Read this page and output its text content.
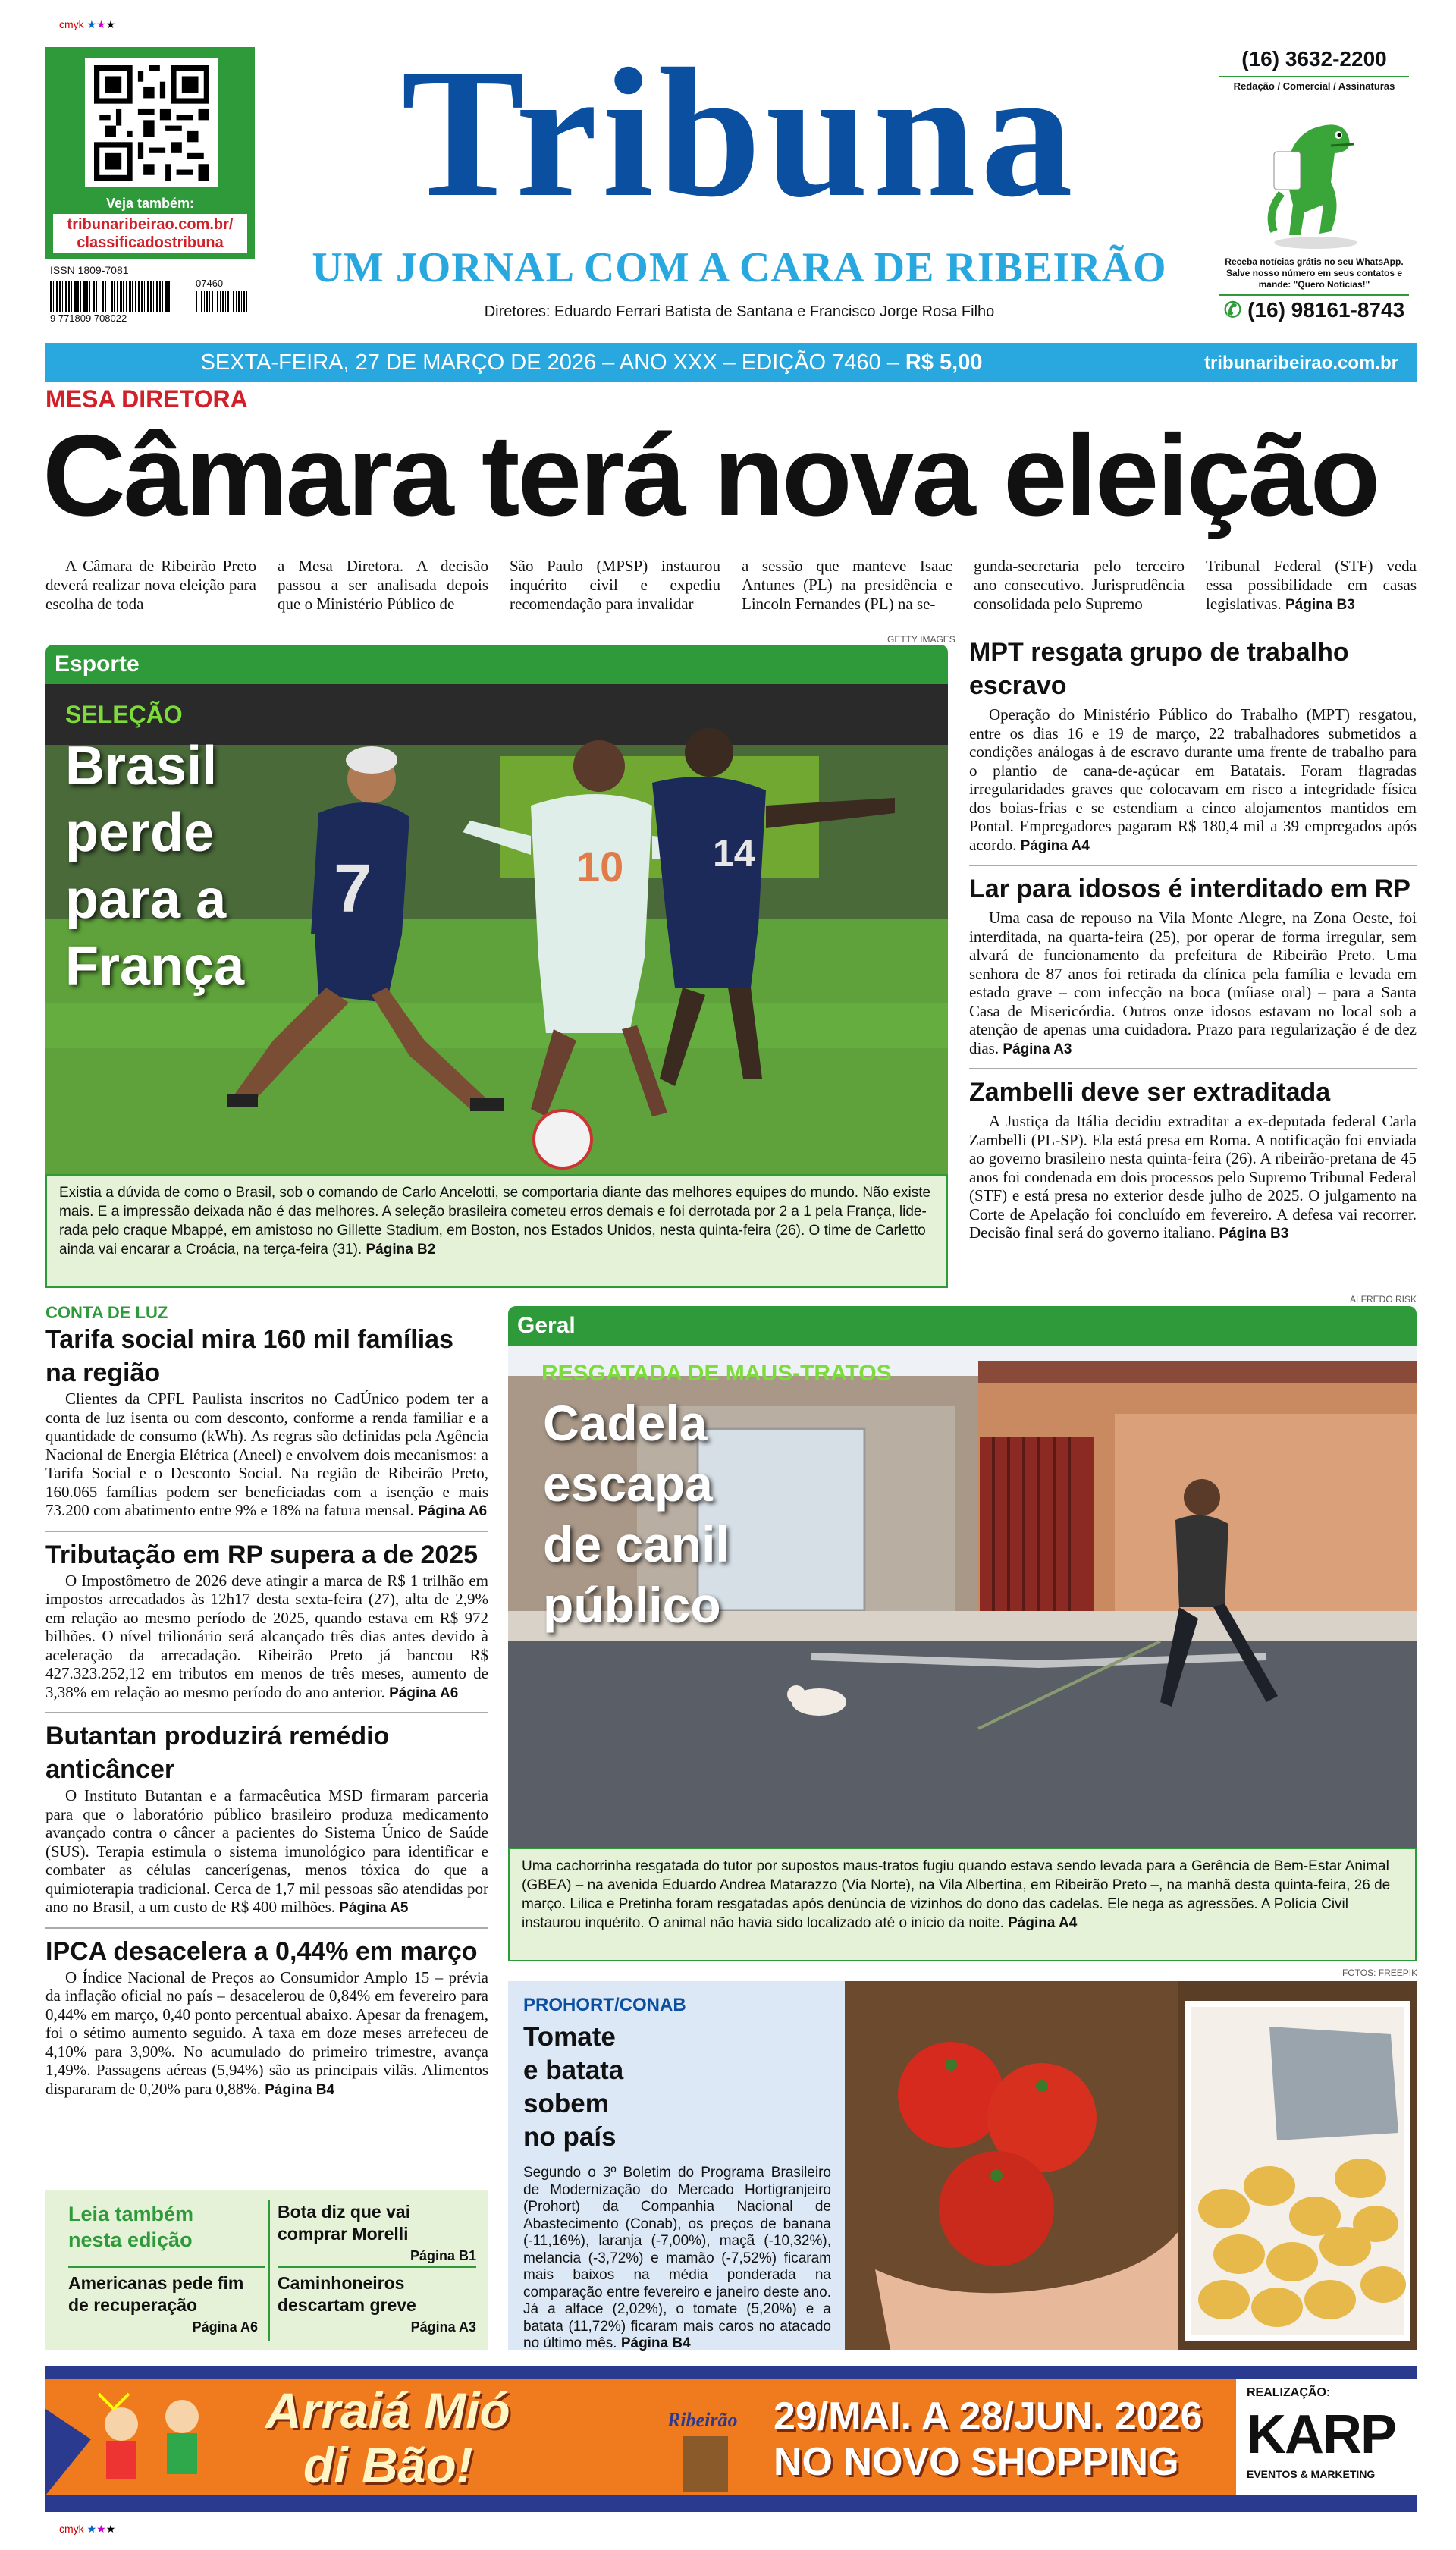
cmyk ★★★
cmyk ★★★
Veja também:
tribunaribeirao.com.br/
classificadostribuna
ISSN 1809-7081
9 771809 708022
07460
Tribuna
UM JORNAL COM A CARA DE RIBEIRÃO
Diretores: Eduardo Ferrari Batista de Santana e Francisco Jorge Rosa Filho
(16) 3632-2200
Redação / Comercial / Assinaturas
Receba notícias grátis no seu WhatsApp. Salve nosso número em seus contatos e mande: "Quero Notícias!"
✆ (16) 98161-8743
SEXTA-FEIRA, 27 DE MARÇO DE 2026 – ANO XXX – EDIÇÃO 7460 – R$ 5,00	tribunaribeirao.com.br
MESA DIRETORA
Câmara terá nova eleição
A Câmara de Ribeirão Preto deverá realizar nova eleição para escolha de toda
a Mesa Diretora. A decisão passou a ser analisada depois que o Ministério Público de
São Paulo (MPSP) instaurou inquérito civil e expediu recomendação para invalidar
a sessão que manteve Isaac Antunes (PL) na presidência e Lincoln Fernandes (PL) na se-
gunda-secretaria pelo terceiro ano consecutivo. Jurisprudência consolidada pelo Supremo
Tribunal Federal (STF) veda essa possibilidade em casas legislativas. Página B3
GETTY IMAGES
Esporte
7	10 14
SELEÇÃO
Brasil
perde
para a
França
Existia a dúvida de como o Brasil, sob o comando de Carlo Ancelotti, se comportaria diante das melhores equipes do mundo. Não existe mais. E a impressão deixada não é das melhores. A seleção brasileira cometeu erros demais e foi derrotada por 2 a 1 pela França, lide-rada pelo craque Mbappé, em amistoso no Gillette Stadium, em Boston, nos Estados Unidos, nesta quinta-feira (26). O time de Carletto ainda vai encarar a Croácia, na terça-feira (31). Página B2
MPT resgata grupo de trabalho escravo
Operação do Ministério Público do Trabalho (MPT) resgatou, entre os dias 16 e 19 de março, 22 trabalhadores submetidos a condições análogas à de escravo durante uma frente de trabalho para o plantio de cana-de-açúcar em Batatais. Foram flagradas irregularidades graves que colocavam em risco a integridade física dos boias-frias e se estendiam a cinco alojamentos mantidos em Pontal. Empregadores pagaram R$ 180,4 mil a 39 empregados após acordo. Página A4
Lar para idosos é interditado em RP
Uma casa de repouso na Vila Monte Alegre, na Zona Oeste, foi interditada, na quarta-feira (25), por operar de forma irregular, sem alvará de funcionamento da prefeitura de Ribeirão Preto. Uma senhora de 87 anos foi retirada da clínica pela família e levada em estado grave – com infecção na boca (míiase oral) – para a Santa Casa de Misericórdia. Outros onze idosos estavam no local sob a atenção de apenas uma cuidadora. Prazo para regularização é de dez dias. Página A3
Zambelli deve ser extraditada
A Justiça da Itália decidiu extraditar a ex-deputada federal Carla Zambelli (PL-SP). Ela está presa em Roma. A notificação foi enviada ao governo brasileiro nesta quinta-feira (26). A ribeirão-pretana de 45 anos foi condenada em dois processos pelo Supremo Tribunal Federal (STF) e está presa no exterior desde julho de 2025. O julgamento na Corte de Apelação foi concluído em fevereiro. A defesa vai recorrer. Decisão final será do governo italiano. Página B3
CONTA DE LUZ
Tarifa social mira 160 mil famílias na região
Clientes da CPFL Paulista inscritos no CadÚnico podem ter a conta de luz isenta ou com desconto, conforme a renda familiar e a quantidade de consumo (kWh). As regras são definidas pela Agência Nacional de Energia Elétrica (Aneel) e envolvem dois mecanismos: a Tarifa Social e o Desconto Social. Na região de Ribeirão Preto, 160.065 famílias podem ser beneficiadas com a isenção e mais 73.200 com abatimento entre 9% e 18% na fatura mensal. Página A6
Tributação em RP supera a de 2025
O Impostômetro de 2026 deve atingir a marca de R$ 1 trilhão em impostos arrecadados às 12h17 desta sexta-feira (27), alta de 2,9% em relação ao mesmo período de 2025, quando estava em R$ 972 bilhões. O nível trilionário será alcançado três dias antes devido à aceleração da arrecadação. Ribeirão Preto já bancou R$ 427.323.252,12 em tributos em menos de três meses, aumento de 3,38% em relação ao mesmo período do ano anterior. Página A6
Butantan produzirá remédio anticâncer
O Instituto Butantan e a farmacêutica MSD firmaram parceria para que o laboratório público brasileiro produza medicamento avançado contra o câncer a pacientes do Sistema Único de Saúde (SUS). Terapia estimula o sistema imunológico para identificar e combater as células cancerígenas, menos tóxica do que a quimioterapia tradicional. Cerca de 1,7 mil pessoas são atendidas por ano no Brasil, a um custo de R$ 400 milhões. Página A5
IPCA desacelera a 0,44% em março
O Índice Nacional de Preços ao Consumidor Amplo 15 – prévia da inflação oficial no país – desacelerou de 0,84% em fevereiro para 0,44% em março, 0,40 ponto percentual abaixo. Apesar da frenagem, foi o sétimo aumento seguido. A taxa em doze meses arrefeceu de 4,10% para 3,90%. No acumulado do primeiro trimestre, avança 1,49%. Passagens aéreas (5,94%) são as principais vilãs. Alimentos dispararam de 0,20% para 0,88%. Página B4
Leia também
nesta edição
Americanas pede fim de recuperação
Página A6
Bota diz que vai comprar Morelli
Página B1
Caminhoneiros descartam greve
Página A3
ALFREDO RISK
Geral
RESGATADA DE MAUS-TRATOS
Cadela
escapa
de canil
público
Uma cachorrinha resgatada do tutor por supostos maus-tratos fugiu quando estava sendo levada para a Gerência de Bem-Estar Animal (GBEA) – na avenida Eduardo Andrea Matarazzo (Via Norte), na Vila Albertina, em Ribeirão Preto –, na manhã desta quinta-feira, 26 de março. Lilica e Pretinha foram resgatadas após denúncia de vizinhos do dono das cadelas. Ele nega as agressões. A Polícia Civil instaurou inquérito. O animal não havia sido localizado até o início da noite. Página A4
FOTOS: FREEPIK
PROHORT/CONAB
Tomate
e batata
sobem
no país
Segundo o 3º Boletim do Programa Brasileiro de Modernização do Mercado Hortigranjeiro (Prohort) da Companhia Nacional de Abastecimento (Conab), os preços de banana (-11,16%), laranja (-7,00%), maçã (-10,32%), melancia (-3,72%) e mamão (-7,52%) ficaram mais baixos na média ponderada na comparação entre fevereiro e janeiro deste ano. Já a alface (2,02%), o tomate (5,20%) e a batata (11,72%) ficaram mais caros no atacado no último mês. Página B4
Arraiá Mió
di Bão!
Ribeirão 29/MAI. A 28/JUN. 2026
NO NOVO SHOPPING
REALIZAÇÃO:
KARP
EVENTOS & MARKETING
